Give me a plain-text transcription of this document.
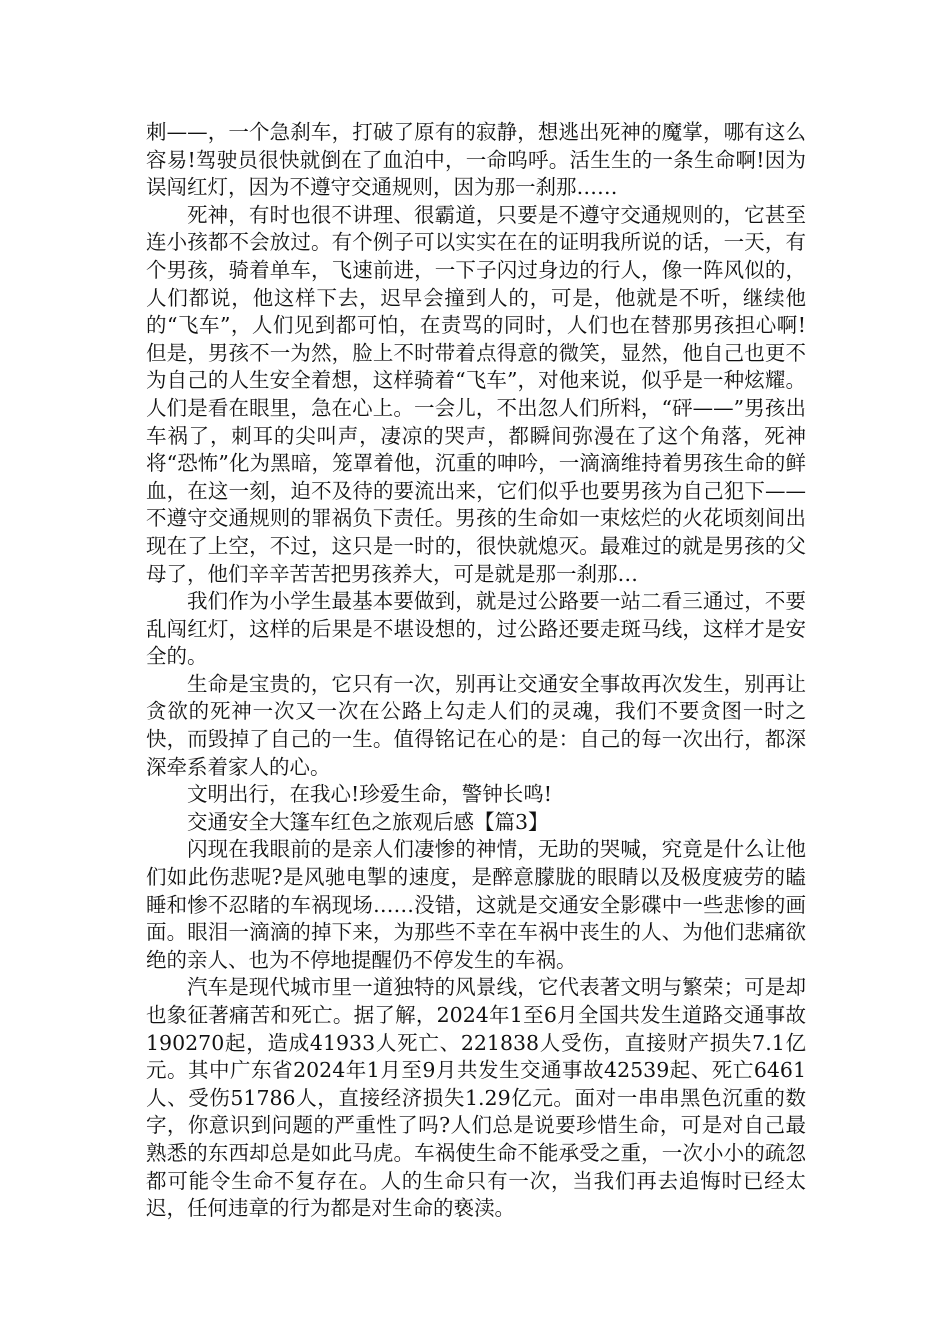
刺——，一个急刹车，打破了原有的寂静，想逃出死神的魔掌，哪有这么容易!驾驶员很快就倒在了血泊中，一命呜呼。活生生的一条生命啊!因为误闯红灯，因为不遵守交通规则，因为那一刹那……

死神，有时也很不讲理、很霸道，只要是不遵守交通规则的，它甚至连小孩都不会放过。有个例子可以实实在在的证明我所说的话，一天，有个男孩，骑着单车，飞速前进，一下子闪过身边的行人，像一阵风似的，人们都说，他这样下去，迟早会撞到人的，可是，他就是不听，继续他的“飞车”，人们见到都可怕，在责骂的同时，人们也在替那男孩担心啊!但是，男孩不一为然，脸上不时带着点得意的微笑，显然，他自己也更不为自己的人生安全着想，这样骑着“飞车”，对他来说，似乎是一种炫耀。人们是看在眼里，急在心上。一会儿，不出忽人们所料，“砰——”男孩出车祸了，刺耳的尖叫声，凄凉的哭声，都瞬间弥漫在了这个角落，死神将“恐怖”化为黑暗，笼罩着他，沉重的呻吟，一滴滴维持着男孩生命的鲜血，在这一刻，迫不及待的要流出来，它们似乎也要男孩为自己犯下——不遵守交通规则的罪祸负下责任。男孩的生命如一束炫烂的火花顷刻间出现在了上空，不过，这只是一时的，很快就熄灭。最难过的就是男孩的父母了，他们辛辛苦苦把男孩养大，可是就是那一刹那…

我们作为小学生最基本要做到，就是过公路要一站二看三通过，不要乱闯红灯，这样的后果是不堪设想的，过公路还要走斑马线，这样才是安全的。

生命是宝贵的，它只有一次，别再让交通安全事故再次发生，别再让贪欲的死神一次又一次在公路上勾走人们的灵魂，我们不要贪图一时之快，而毁掉了自己的一生。值得铭记在心的是：自己的每一次出行，都深深牵系着家人的心。

文明出行，在我心!珍爱生命，警钟长鸣!

交通安全大篷车红色之旅观后感【篇3】

闪现在我眼前的是亲人们凄惨的神情，无助的哭喊，究竟是什么让他们如此伤悲呢?是风驰电掣的速度，是醉意朦胧的眼睛以及极度疲劳的瞌睡和惨不忍睹的车祸现场……没错，这就是交通安全影碟中一些悲惨的画面。眼泪一滴滴的掉下来，为那些不幸在车祸中丧生的人、为他们悲痛欲绝的亲人、也为不停地提醒仍不停发生的车祸。

汽车是现代城市里一道独特的风景线，它代表著文明与繁荣；可是却也象征著痛苦和死亡。据了解，2024年1至6月全国共发生道路交通事故190270起，造成41933人死亡、221838人受伤，直接财产损失7.1亿元。其中广东省2024年1月至9月共发生交通事故42539起、死亡6461人、受伤51786人，直接经济损失1.29亿元。面对一串串黑色沉重的数字，你意识到问题的严重性了吗?人们总是说要珍惜生命，可是对自己最熟悉的东西却总是如此马虎。车祸使生命不能承受之重，一次小小的疏忽都可能令生命不复存在。人的生命只有一次，当我们再去追悔时已经太迟，任何违章的行为都是对生命的亵渎。
